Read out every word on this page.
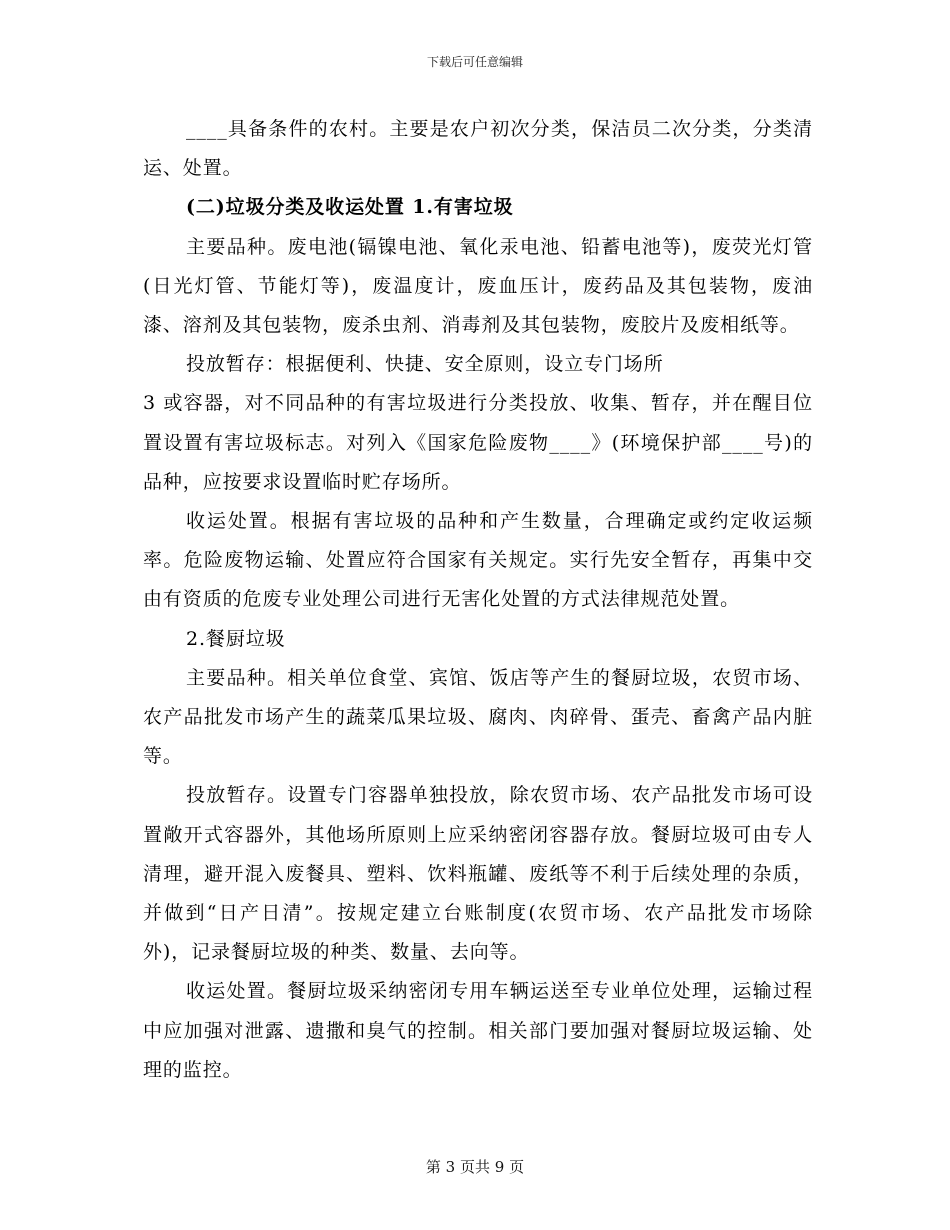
下载后可任意编辑

____具备条件的农村。主要是农户初次分类，保洁员二次分类，分类清运、处置。

(二)垃圾分类及收运处置 1.有害垃圾

主要品种。废电池(镉镍电池、氧化汞电池、铅蓄电池等)，废荧光灯管(日光灯管、节能灯等)，废温度计，废血压计，废药品及其包装物，废油漆、溶剂及其包装物，废杀虫剂、消毒剂及其包装物，废胶片及废相纸等。

投放暂存：根据便利、快捷、安全原则，设立专门场所

3 或容器，对不同品种的有害垃圾进行分类投放、收集、暂存，并在醒目位置设置有害垃圾标志。对列入《国家危险废物____》(环境保护部____号)的品种，应按要求设置临时贮存场所。

收运处置。根据有害垃圾的品种和产生数量，合理确定或约定收运频率。危险废物运输、处置应符合国家有关规定。实行先安全暂存，再集中交由有资质的危废专业处理公司进行无害化处置的方式法律规范处置。

2.餐厨垃圾

主要品种。相关单位食堂、宾馆、饭店等产生的餐厨垃圾，农贸市场、农产品批发市场产生的蔬菜瓜果垃圾、腐肉、肉碎骨、蛋壳、畜禽产品内脏等。

投放暂存。设置专门容器单独投放，除农贸市场、农产品批发市场可设置敞开式容器外，其他场所原则上应采纳密闭容器存放。餐厨垃圾可由专人清理，避开混入废餐具、塑料、饮料瓶罐、废纸等不利于后续处理的杂质，并做到“日产日清”。按规定建立台账制度(农贸市场、农产品批发市场除外)，记录餐厨垃圾的种类、数量、去向等。

收运处置。餐厨垃圾采纳密闭专用车辆运送至专业单位处理，运输过程中应加强对泄露、遗撒和臭气的控制。相关部门要加强对餐厨垃圾运输、处理的监控。

第 3 页共 9 页
